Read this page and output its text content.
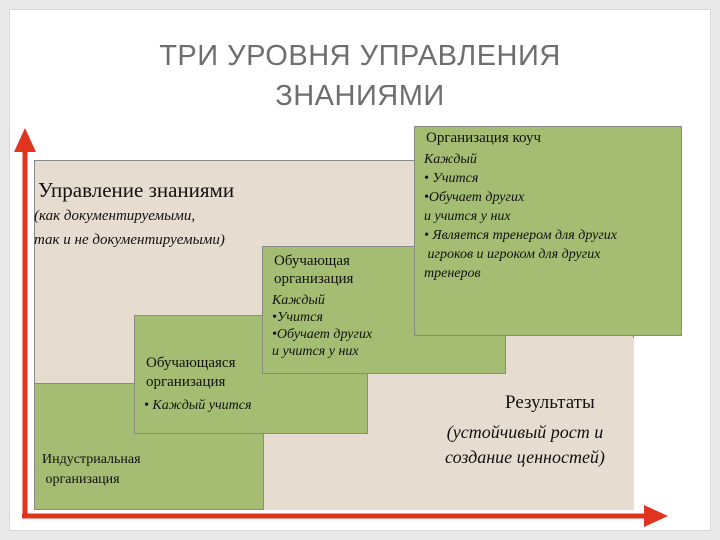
ТРИ УРОВНЯ УПРАВЛЕНИЯ
ЗНАНИЯМИ
Управление знаниями
(как документируемыми,
так и не документируемыми)
Обучающая
организация
Каждый
•Учится
•Обучает других
и учится у них
Организация коуч
Каждый
• Учится
•Обучает других
и учится у них
• Является тренером для других
игроков и игроком для других
тренеров
Обучающаяся
организация
• Каждый учится
Индустриальная
организация
Результаты
(устойчивый рост и
создание ценностей)
